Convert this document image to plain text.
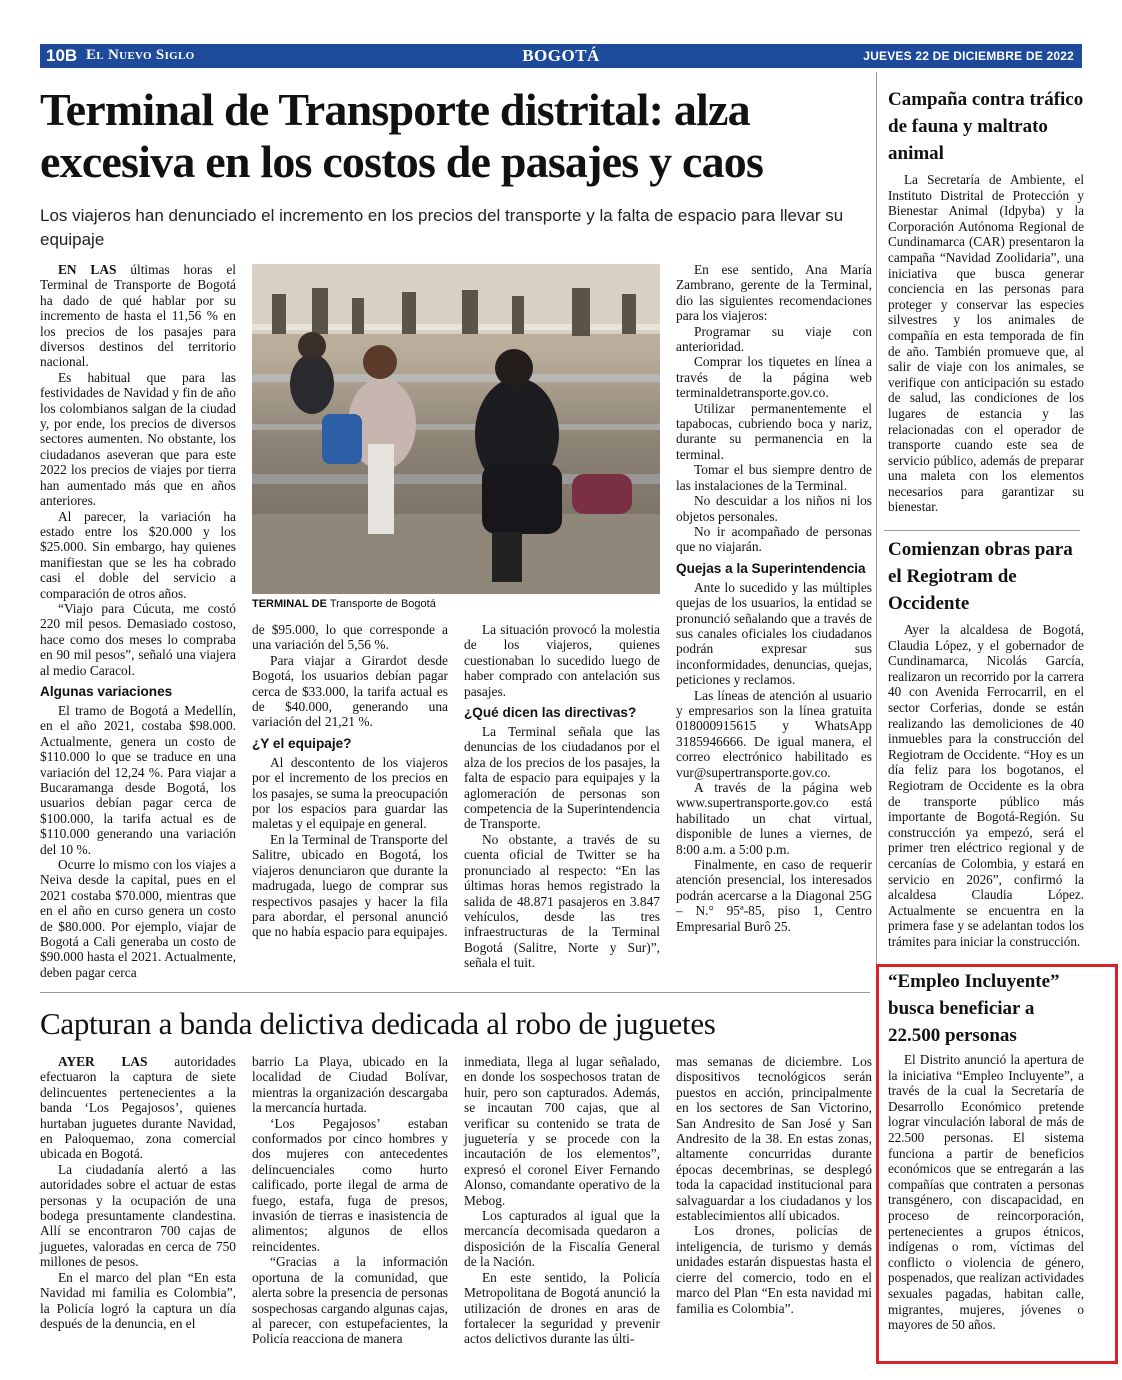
10B El Nuevo Siglo	BOGOTÁ	JUEVES 22 DE DICIEMBRE DE 2022
Terminal de Transporte distrital: alza excesiva en los costos de pasajes y caos
Los viajeros han denunciado el incremento en los precios del transporte y la falta de espacio para llevar su equipaje
TERMINAL DE Transporte de Bogotá

EN LAS últimas horas el Terminal de Transporte de Bogotá ha dado de qué hablar por su incremento de hasta el 11,56 % en los precios de los pasajes para diversos destinos del territorio nacional.

Es habitual que para las festividades de Navidad y fin de año los colombianos salgan de la ciudad y, por ende, los precios de diversos sectores aumenten. No obstante, los ciudadanos aseveran que para este 2022 los precios de viajes por tierra han aumentado más que en años anteriores.

Al parecer, la variación ha estado entre los $20.000 y los $25.000. Sin embargo, hay quienes manifiestan que se les ha cobrado casi el doble del servicio a comparación de otros años.

“Viajo para Cúcuta, me costó 220 mil pesos. Demasiado costoso, hace como dos meses lo compraba en 90 mil pesos”, señaló una viajera al medio Caracol.

Algunas variaciones

El tramo de Bogotá a Medellín, en el año 2021, costaba $98.000. Actualmente, genera un costo de $110.000 lo que se traduce en una variación del 12,24 %. Para viajar a Bucaramanga desde Bogotá, los usuarios debían pagar cerca de $100.000, la tarifa actual es de $110.000 generando una variación del 10 %.

Ocurre lo mismo con los viajes a Neiva desde la capital, pues en el 2021 costaba $70.000, mientras que en el año en curso genera un costo de $80.000. Por ejemplo, viajar de Bogotá a Cali generaba un costo de $90.000 hasta el 2021. Actualmente, deben pagar cerca

de $95.000, lo que corresponde a una variación del 5,56 %.

Para viajar a Girardot desde Bogotá, los usuarios debían pagar cerca de $33.000, la tarifa actual es de $40.000, generando una variación del 21,21 %.

¿Y el equipaje?

Al descontento de los viajeros por el incremento de los precios en los pasajes, se suma la preocupación por los espacios para guardar las maletas y el equipaje en general.

En la Terminal de Transporte del Salitre, ubicado en Bogotá, los viajeros denunciaron que durante la madrugada, luego de comprar sus respectivos pasajes y hacer la fila para abordar, el personal anunció que no había espacio para equipajes.

La situación provocó la molestia de los viajeros, quienes cuestionaban lo sucedido luego de haber comprado con antelación sus pasajes.

¿Qué dicen las directivas?

La Terminal señala que las denuncias de los ciudadanos por el alza de los precios de los pasajes, la falta de espacio para equipajes y la aglomeración de personas son competencia de la Superintendencia de Transporte.

No obstante, a través de su cuenta oficial de Twitter se ha pronunciado al respecto: “En las últimas horas hemos registrado la salida de 48.871 pasajeros en 3.847 vehículos, desde las tres infraestructuras de la Terminal Bogotá (Salitre, Norte y Sur)”, señala el tuit.

En ese sentido, Ana María Zambrano, gerente de la Terminal, dio las siguientes recomendaciones para los viajeros:

Programar su viaje con anterioridad.

Comprar los tiquetes en línea a través de la página web terminaldetransporte.gov.co.

Utilizar permanentemente el tapabocas, cubriendo boca y nariz, durante su permanencia en la terminal.

Tomar el bus siempre dentro de las instalaciones de la Terminal.

No descuidar a los niños ni los objetos personales.

No ir acompañado de personas que no viajarán.

Quejas a la Superintendencia

Ante lo sucedido y las múltiples quejas de los usuarios, la entidad se pronunció señalando que a través de sus canales oficiales los ciudadanos podrán expresar sus inconformidades, denuncias, quejas, peticiones y reclamos.

Las líneas de atención al usuario y empresarios son la línea gratuita 018000915615 y WhatsApp 3185946666. De igual manera, el correo electrónico habilitado es vur@supertransporte.gov.co.

A través de la página web www.supertransporte.gov.co está habilitado un chat virtual, disponible de lunes a viernes, de 8:00 a.m. a 5:00 p.m.

Finalmente, en caso de requerir atención presencial, los interesados podrán acercarse a la Diagonal 25G – N.° 95ª-85, piso 1, Centro Empresarial Burô 25.

Campaña contra tráfico de fauna y maltrato animal

La Secretaría de Ambiente, el Instituto Distrital de Protección y Bienestar Animal (Idpyba) y la Corporación Autónoma Regional de Cundinamarca (CAR) presentaron la campaña “Navidad Zoolidaria”, una iniciativa que busca generar conciencia en las personas para proteger y conservar las especies silvestres y los animales de compañía en esta temporada de fin de año. También promueve que, al salir de viaje con los animales, se verifique con anticipación su estado de salud, las condiciones de los lugares de estancia y las relacionadas con el operador de transporte cuando este sea de servicio público, además de preparar una maleta con los elementos necesarios para garantizar su bienestar.

Comienzan obras para el Regiotram de Occidente

Ayer la alcaldesa de Bogotá, Claudia López, y el gobernador de Cundinamarca, Nicolás García, realizaron un recorrido por la carrera 40 con Avenida Ferrocarril, en el sector Corferias, donde se están realizando las demoliciones de 40 inmuebles para la construcción del Regiotram de Occidente. “Hoy es un día feliz para los bogotanos, el Regiotram de Occidente es la obra de transporte público más importante de Bogotá-Región. Su construcción ya empezó, será el primer tren eléctrico regional y de cercanías de Colombia, y estará en servicio en 2026”, confirmó la alcaldesa Claudia López. Actualmente se encuentra en la primera fase y se adelantan todos los trámites para iniciar la construcción.

“Empleo Incluyente” busca beneficiar a 22.500 personas

El Distrito anunció la apertura de la iniciativa “Empleo Incluyente”, a través de la cual la Secretaría de Desarrollo Económico pretende lograr vinculación laboral de más de 22.500 personas. El sistema funciona a partir de beneficios económicos que se entregarán a las compañías que contraten a personas transgénero, con discapacidad, en proceso de reincorporación, pertenecientes a grupos étnicos, indígenas o rom, víctimas del conflicto o violencia de género, pospenados, que realizan actividades sexuales pagadas, habitan calle, migrantes, mujeres, jóvenes o mayores de 50 años.

Capturan a banda delictiva dedicada al robo de juguetes

AYER LAS autoridades efectuaron la captura de siete delincuentes pertenecientes a la banda ‘Los Pegajosos’, quienes hurtaban juguetes durante Navidad, en Paloquemao, zona comercial ubicada en Bogotá.

La ciudadanía alertó a las autoridades sobre el actuar de estas personas y la ocupación de una bodega presuntamente clandestina. Allí se encontraron 700 cajas de juguetes, valoradas en cerca de 750 millones de pesos.

En el marco del plan “En esta Navidad mi familia es Colombia”, la Policía logró la captura un día después de la denuncia, en el

barrio La Playa, ubicado en la localidad de Ciudad Bolívar, mientras la organización descargaba la mercancía hurtada.

‘Los Pegajosos’ estaban conformados por cinco hombres y dos mujeres con antecedentes delincuenciales como hurto calificado, porte ilegal de arma de fuego, estafa, fuga de presos, invasión de tierras e inasistencia de alimentos; algunos de ellos reincidentes.

“Gracias a la información oportuna de la comunidad, que alerta sobre la presencia de personas sospechosas cargando algunas cajas, al parecer, con estupefacientes, la Policía reacciona de manera

inmediata, llega al lugar señalado, en donde los sospechosos tratan de huir, pero son capturados. Además, se incautan 700 cajas, que al verificar su contenido se trata de juguetería y se procede con la incautación de los elementos”, expresó el coronel Eiver Fernando Alonso, comandante operativo de la Mebog.

Los capturados al igual que la mercancía decomisada quedaron a disposición de la Fiscalía General de la Nación.

En este sentido, la Policía Metropolitana de Bogotá anunció la utilización de drones en aras de fortalecer la seguridad y prevenir actos delictivos durante las últi-

mas semanas de diciembre. Los dispositivos tecnológicos serán puestos en acción, principalmente en los sectores de San Victorino, San Andresito de San José y San Andresito de la 38. En estas zonas, altamente concurridas durante épocas decembrinas, se desplegó toda la capacidad institucional para salvaguardar a los ciudadanos y los establecimientos allí ubicados.

Los drones, policías de inteligencia, de turismo y demás unidades estarán dispuestas hasta el cierre del comercio, todo en el marco del Plan “En esta navidad mi familia es Colombia”.
